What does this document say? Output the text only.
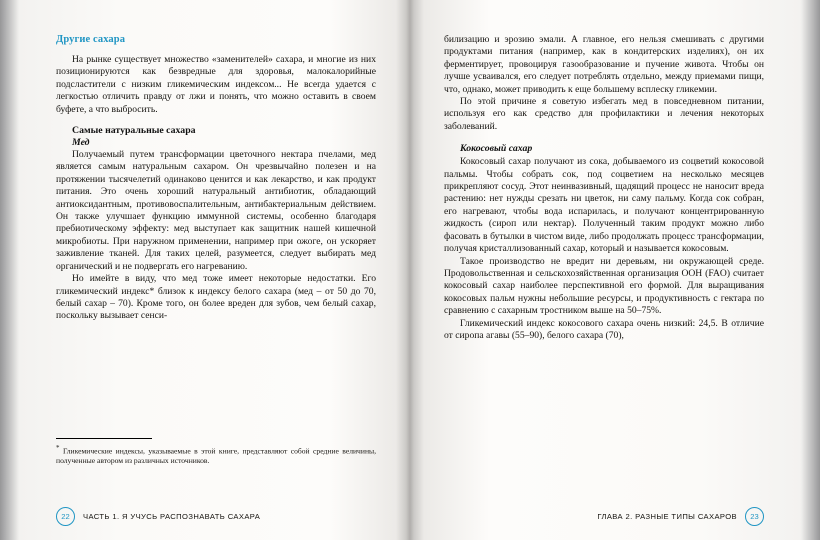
Другие сахара

На рынке существует множество «заменителей» сахара, и многие из них позиционируются как безвредные для здоровья, малокалорийные подсластители с низким гликемическим индексом... Не всегда удается с легкостью отличить правду от лжи и понять, что можно оставить в своем буфете, а что выбросить.

Самые натуральные сахара
Мед

Получаемый путем трансформации цветочного нектара пчелами, мед является самым натуральным сахаром. Он чрезвычайно полезен и на протяжении тысячелетий одинаково ценится и как лекарство, и как продукт питания. Это очень хороший натуральный антибиотик, обладающий антиоксидантным, противовоспалительным, антибактериальным действием. Он также улучшает функцию иммунной системы, особенно благодаря пребиотическому эффекту: мед выступает как защитник нашей кишечной микробиоты. При наружном применении, например при ожоге, он ускоряет заживление тканей. Для таких целей, разумеется, следует выбирать мед органический и не подвергать его нагреванию.

Но имейте в виду, что мед тоже имеет некоторые недостатки. Его гликемический индекс* близок к индексу белого сахара (мед – от 50 до 70, белый сахар – 70). Кроме того, он более вреден для зубов, чем белый сахар, поскольку вызывает сенси-

* Гликемические индексы, указываемые в этой книге, представляют собой средние величины, полученные автором из различных источников.

22	ЧАСТЬ 1. Я УЧУСЬ РАСПОЗНАВАТЬ САХАРА

билизацию и эрозию эмали. А главное, его нельзя смешивать с другими продуктами питания (например, как в кондитерских изделиях), он их ферментирует, провоцируя газообразование и пучение живота. Чтобы он лучше усваивался, его следует потреблять отдельно, между приемами пищи, что, однако, может приводить к еще большему всплеску гликемии.

По этой причине я советую избегать мед в повседневном питании, используя его как средство для профилактики и лечения некоторых заболеваний.

Кокосовый сахар

Кокосовый сахар получают из сока, добываемого из соцветий кокосовой пальмы. Чтобы собрать сок, под соцветием на несколько месяцев прикрепляют сосуд. Этот неинвазивный, щадящий процесс не наносит вреда растению: нет нужды срезать ни цветок, ни саму пальму. Когда сок собран, его нагревают, чтобы вода испарилась, и получают концентрированную жидкость (сироп или нектар). Полученный таким продукт можно либо фасовать в бутылки в чистом виде, либо продолжать процесс трансформации, получая кристаллизованный сахар, который и называется кокосовым.

Такое производство не вредит ни деревьям, ни окружающей среде. Продовольственная и сельскохозяйственная организация ООН (FAO) считает кокосовый сахар наиболее перспективной его формой. Для выращивания кокосовых пальм нужны небольшие ресурсы, и продуктивность с гектара по сравнению с сахарным тростником выше на 50–75%.

Гликемический индекс кокосового сахара очень низкий: 24,5. В отличие от сиропа агавы (55–90), белого сахара (70),

ГЛАВА 2. РАЗНЫЕ ТИПЫ САХАРОВ	23
